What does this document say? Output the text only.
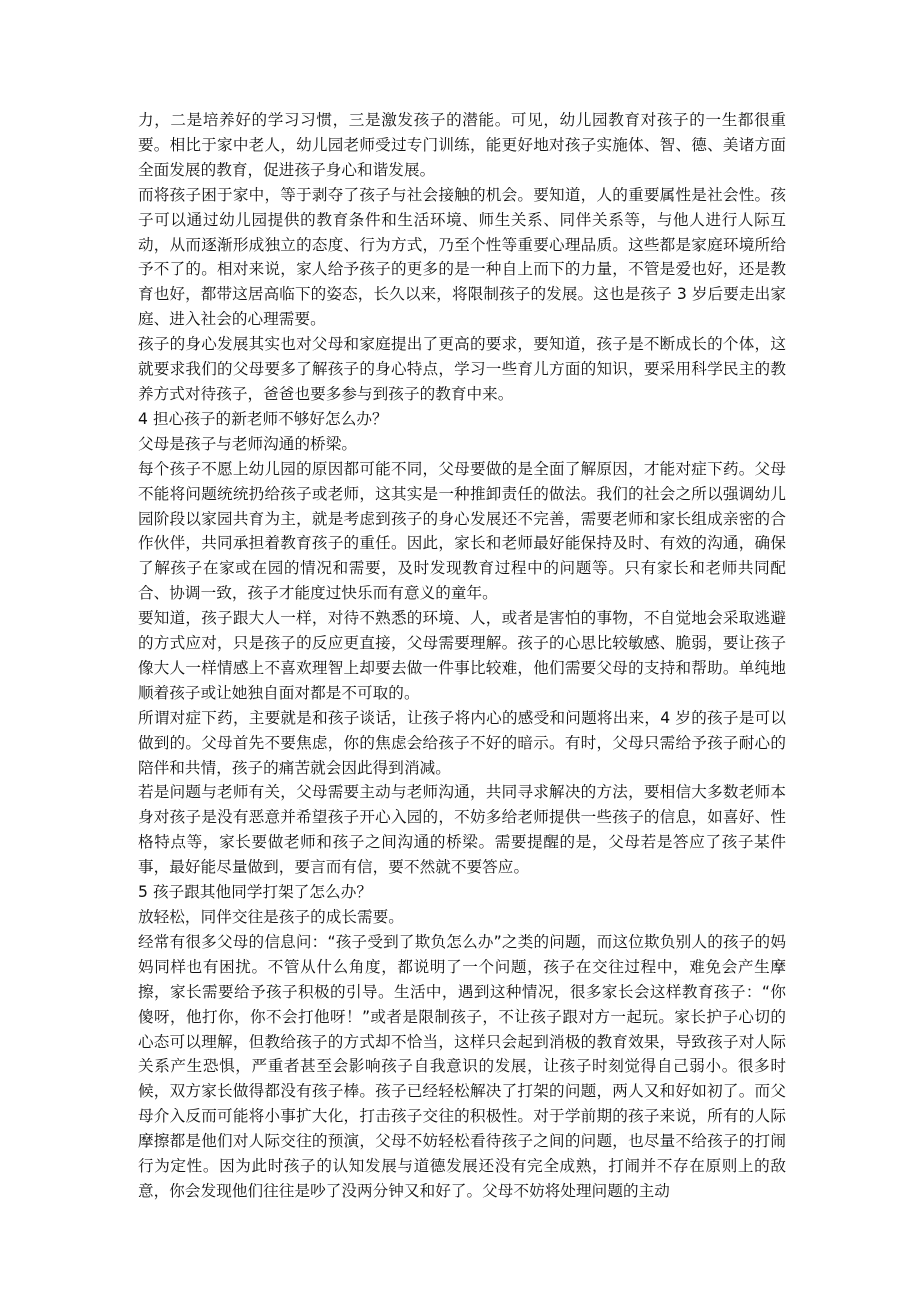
力，二是培养好的学习习惯，三是激发孩子的潜能。可见，幼儿园教育对孩子的一生都很重要。相比于家中老人，幼儿园老师受过专门训练，能更好地对孩子实施体、智、德、美诸方面全面发展的教育，促进孩子身心和谐发展。

而将孩子困于家中，等于剥夺了孩子与社会接触的机会。要知道，人的重要属性是社会性。孩子可以通过幼儿园提供的教育条件和生活环境、师生关系、同伴关系等，与他人进行人际互动，从而逐渐形成独立的态度、行为方式，乃至个性等重要心理品质。这些都是家庭环境所给予不了的。相对来说，家人给予孩子的更多的是一种自上而下的力量，不管是爱也好，还是教育也好，都带这居高临下的姿态，长久以来，将限制孩子的发展。这也是孩子 3 岁后要走出家庭、进入社会的心理需要。

孩子的身心发展其实也对父母和家庭提出了更高的要求，要知道，孩子是不断成长的个体，这就要求我们的父母要多了解孩子的身心特点，学习一些育儿方面的知识，要采用科学民主的教养方式对待孩子，爸爸也要多参与到孩子的教育中来。

4 担心孩子的新老师不够好怎么办？

父母是孩子与老师沟通的桥梁。

每个孩子不愿上幼儿园的原因都可能不同，父母要做的是全面了解原因，才能对症下药。父母不能将问题统统扔给孩子或老师，这其实是一种推卸责任的做法。我们的社会之所以强调幼儿园阶段以家园共育为主，就是考虑到孩子的身心发展还不完善，需要老师和家长组成亲密的合作伙伴，共同承担着教育孩子的重任。因此，家长和老师最好能保持及时、有效的沟通，确保了解孩子在家或在园的情况和需要，及时发现教育过程中的问题等。只有家长和老师共同配合、协调一致，孩子才能度过快乐而有意义的童年。

要知道，孩子跟大人一样，对待不熟悉的环境、人，或者是害怕的事物，不自觉地会采取逃避的方式应对，只是孩子的反应更直接，父母需要理解。孩子的心思比较敏感、脆弱，要让孩子像大人一样情感上不喜欢理智上却要去做一件事比较难，他们需要父母的支持和帮助。单纯地顺着孩子或让她独自面对都是不可取的。

所谓对症下药，主要就是和孩子谈话，让孩子将内心的感受和问题将出来，4 岁的孩子是可以做到的。父母首先不要焦虑，你的焦虑会给孩子不好的暗示。有时，父母只需给予孩子耐心的陪伴和共情，孩子的痛苦就会因此得到消减。

若是问题与老师有关，父母需要主动与老师沟通，共同寻求解决的方法，要相信大多数老师本身对孩子是没有恶意并希望孩子开心入园的，不妨多给老师提供一些孩子的信息，如喜好、性格特点等，家长要做老师和孩子之间沟通的桥梁。需要提醒的是，父母若是答应了孩子某件事，最好能尽量做到，要言而有信，要不然就不要答应。

5 孩子跟其他同学打架了怎么办？

放轻松，同伴交往是孩子的成长需要。

经常有很多父母的信息问：“孩子受到了欺负怎么办”之类的问题，而这位欺负别人的孩子的妈妈同样也有困扰。不管从什么角度，都说明了一个问题，孩子在交往过程中，难免会产生摩擦，家长需要给予孩子积极的引导。生活中，遇到这种情况，很多家长会这样教育孩子：“你傻呀，他打你，你不会打他呀！”或者是限制孩子，不让孩子跟对方一起玩。家长护子心切的心态可以理解，但教给孩子的方式却不恰当，这样只会起到消极的教育效果，导致孩子对人际关系产生恐惧，严重者甚至会影响孩子自我意识的发展，让孩子时刻觉得自己弱小。很多时候，双方家长做得都没有孩子棒。孩子已经轻松解决了打架的问题，两人又和好如初了。而父母介入反而可能将小事扩大化，打击孩子交往的积极性。对于学前期的孩子来说，所有的人际摩擦都是他们对人际交往的预演，父母不妨轻松看待孩子之间的问题，也尽量不给孩子的打闹行为定性。因为此时孩子的认知发展与道德发展还没有完全成熟，打闹并不存在原则上的敌意，你会发现他们往往是吵了没两分钟又和好了。父母不妨将处理问题的主动
